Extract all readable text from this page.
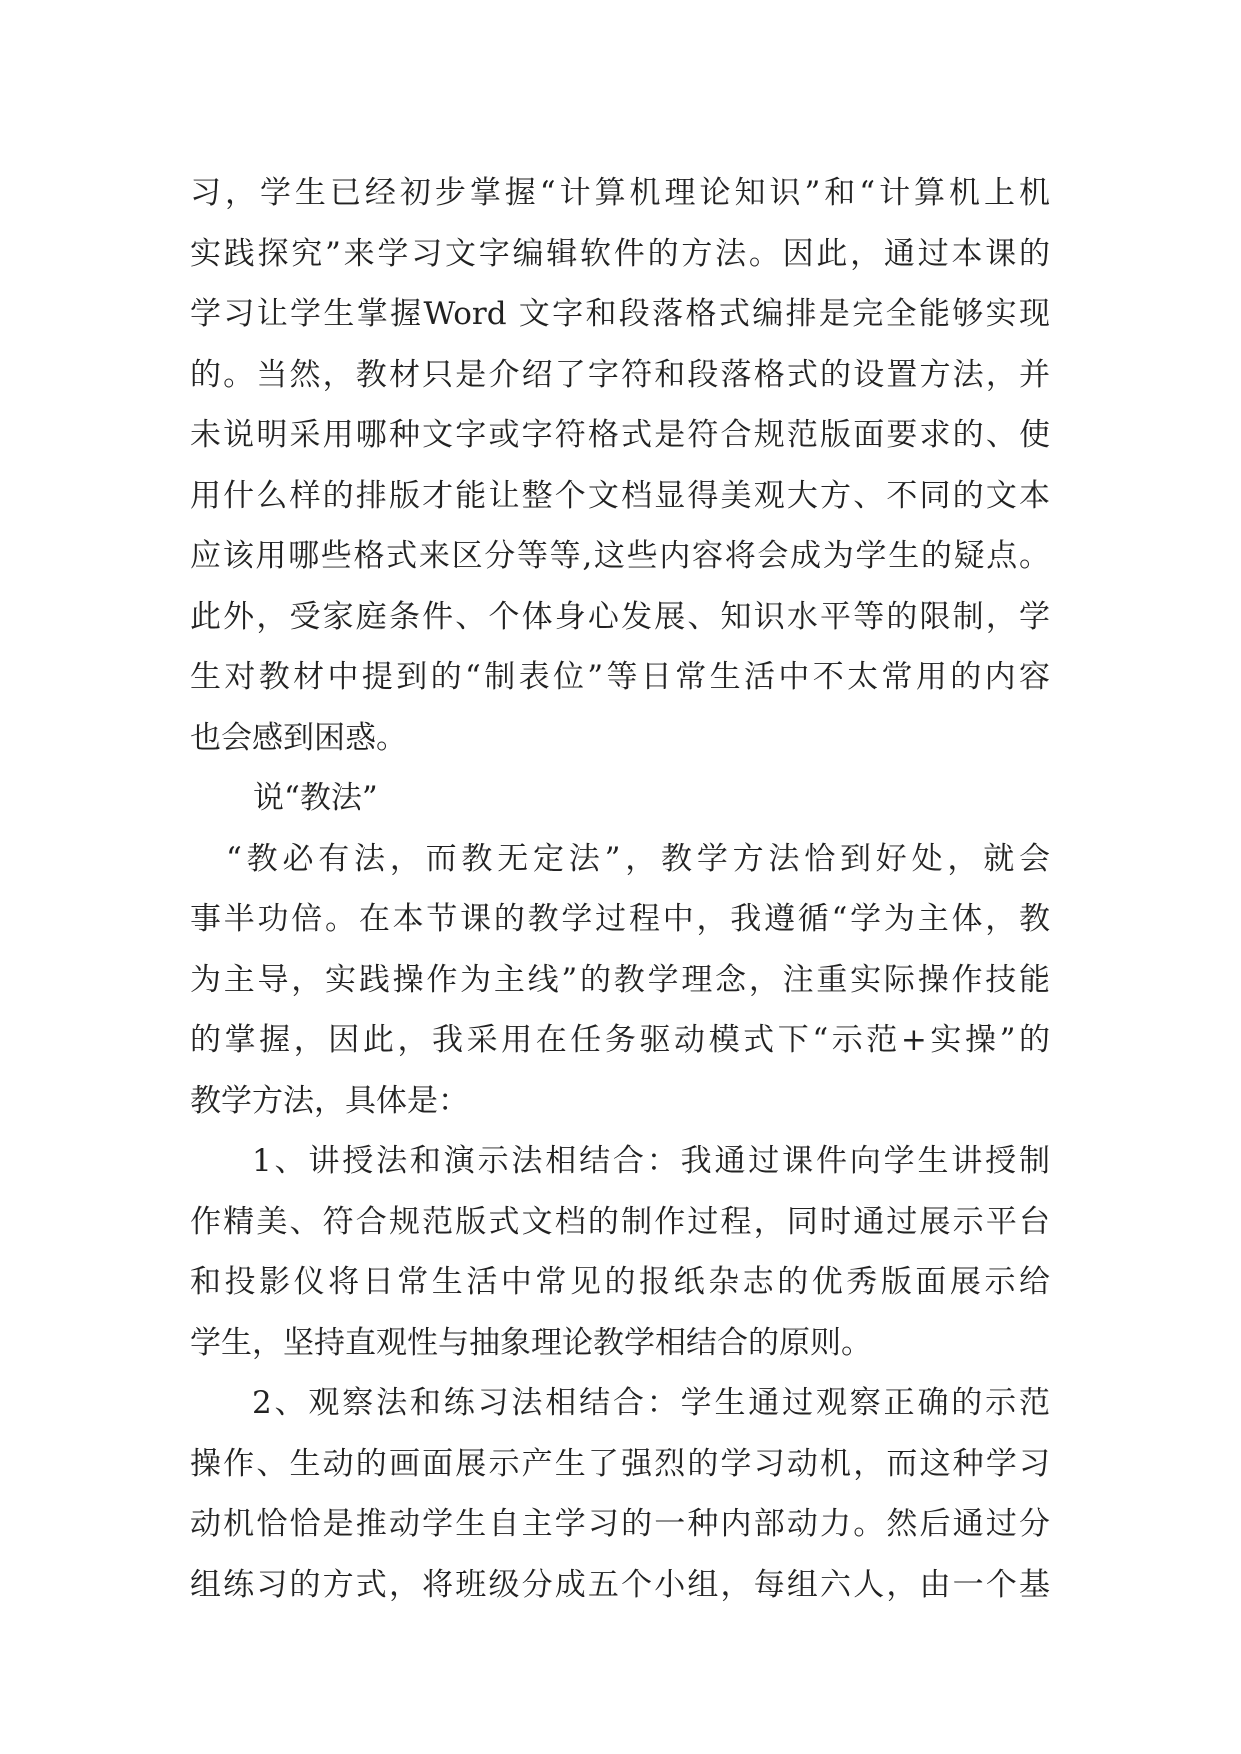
习，学生已经初步掌握“计算机理论知识”和“计算机上机
实践探究”来学习文字编辑软件的方法。因此，通过本课的
学习让学生掌握Word 文字和段落格式编排是完全能够实现
的。当然，教材只是介绍了字符和段落格式的设置方法，并
未说明采用哪种文字或字符格式是符合规范版面要求的、使
用什么样的排版才能让整个文档显得美观大方、不同的文本
应该用哪些格式来区分等等,这些内容将会成为学生的疑点。
此外，受家庭条件、个体身心发展、知识水平等的限制，学
生对教材中提到的“制表位”等日常生活中不太常用的内容
也会感到困惑。
说“教法”
“教必有法，而教无定法”，教学方法恰到好处，就会
事半功倍。在本节课的教学过程中，我遵循“学为主体，教
为主导，实践操作为主线”的教学理念，注重实际操作技能
的掌握，因此，我采用在任务驱动模式下“示范+实操”的
教学方法，具体是：
1、讲授法和演示法相结合：我通过课件向学生讲授制
作精美、符合规范版式文档的制作过程，同时通过展示平台
和投影仪将日常生活中常见的报纸杂志的优秀版面展示给
学生，坚持直观性与抽象理论教学相结合的原则。
2、观察法和练习法相结合：学生通过观察正确的示范
操作、生动的画面展示产生了强烈的学习动机，而这种学习
动机恰恰是推动学生自主学习的一种内部动力。然后通过分
组练习的方式，将班级分成五个小组，每组六人，由一个基
